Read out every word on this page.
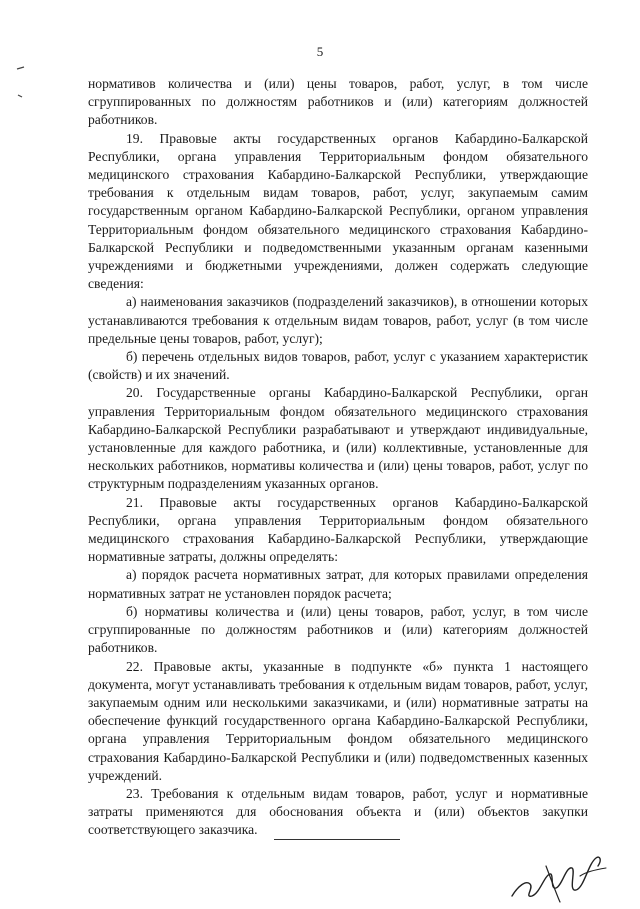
5

нормативов количества и (или) цены товаров, работ, услуг, в том числе сгруппированных по должностям работников и (или) категориям должностей работников.

19. Правовые акты государственных органов Кабардино-Балкарской Республики, органа управления Территориальным фондом обязательного медицинского страхования Кабардино-Балкарской Республики, утверждающие требования к отдельным видам товаров, работ, услуг, закупаемым самим государственным органом Кабардино-Балкарской Республики, органом управления Территориальным фондом обязательного медицинского страхования Кабардино-Балкарской Республики и подведомственными указанным органам казенными учреждениями и бюджетными учреждениями, должен содержать следующие сведения:

а) наименования заказчиков (подразделений заказчиков), в отношении которых устанавливаются требования к отдельным видам товаров, работ, услуг (в том числе предельные цены товаров, работ, услуг);

б) перечень отдельных видов товаров, работ, услуг с указанием характеристик (свойств) и их значений.

20. Государственные органы Кабардино-Балкарской Республики, орган управления Территориальным фондом обязательного медицинского страхования Кабардино-Балкарской Республики разрабатывают и утверждают индивидуальные, установленные для каждого работника, и (или) коллективные, установленные для нескольких работников, нормативы количества и (или) цены товаров, работ, услуг по структурным подразделениям указанных органов.

21. Правовые акты государственных органов Кабардино-Балкарской Республики, органа управления Территориальным фондом обязательного медицинского страхования Кабардино-Балкарской Республики, утверждающие нормативные затраты, должны определять:

а) порядок расчета нормативных затрат, для которых правилами определения нормативных затрат не установлен порядок расчета;

б) нормативы количества и (или) цены товаров, работ, услуг, в том числе сгруппированные по должностям работников и (или) категориям должностей работников.

22. Правовые акты, указанные в подпункте «б» пункта 1 настоящего документа, могут устанавливать требования к отдельным видам товаров, работ, услуг, закупаемым одним или несколькими заказчиками, и (или) нормативные затраты на обеспечение функций государственного органа Кабардино-Балкарской Республики, органа управления Территориальным фондом обязательного медицинского страхования Кабардино-Балкарской Республики и (или) подведомственных казенных учреждений.

23. Требования к отдельным видам товаров, работ, услуг и нормативные затраты применяются для обоснования объекта и (или) объектов закупки соответствующего заказчика.
